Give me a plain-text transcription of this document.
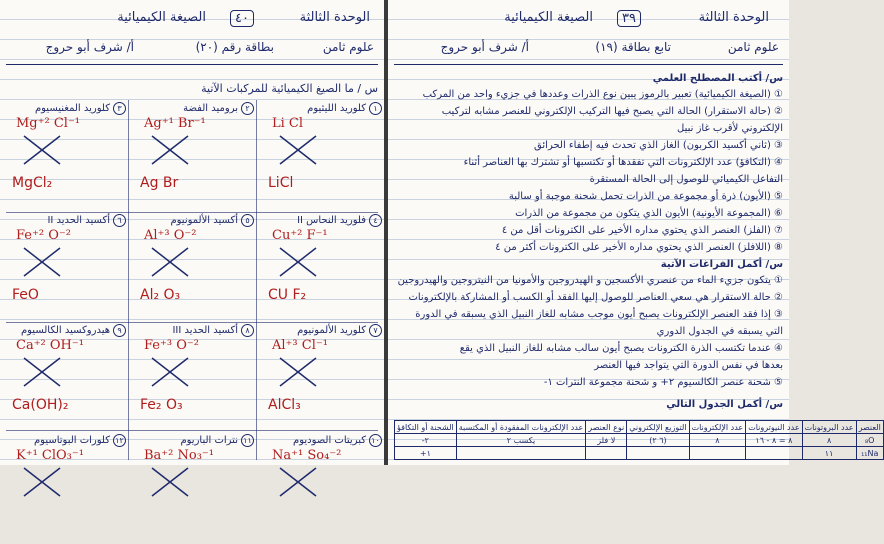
الوحدة الثالثة
٤٠
الصيغة الكيميائية
علوم ثامن
بطاقة رقم (٢٠)
أ/ شرف أبو حروج
س / ما الصيغ الكيميائية للمركبات الآتية
١كلوريد الليثيوم
Li Cl
LiCl
٢بروميد الفضة
Ag⁺¹ Br⁻¹
Ag Br
٣كلوريد المغنيسيوم
Mg⁺² Cl⁻¹
MgCl₂
٤فلوريد النحاس II
Cu⁺² F⁻¹
CU F₂
٥أكسيد الألمونيوم
Al⁺³ O⁻²
Al₂ O₃
٦أكسيد الحديد II
Fe⁺² O⁻²
FeO
٧كلوريد الألمونيوم
Al⁺³ Cl⁻¹
AlCl₃
٨أكسيد الحديد III
Fe⁺³ O⁻²
Fe₂ O₃
٩هيدروكسيد الكالسيوم
Ca⁺² OH⁻¹
Ca(OH)₂
١٠كبريتات الصوديوم
Na⁺¹ So₄⁻²
١١نترات الباريوم
Ba⁺² No₃⁻¹
١٢كلورات البوتاسيوم
K⁺¹ ClO₃⁻¹
الوحدة الثالثة
٣٩
الصيغة الكيميائية
علوم ثامن
تابع بطاقة (١٩)
أ/ شرف أبو حروج
س/ أكتب المصطلح العلمي
① (الصيغة الكيميائية) تعبير بالرموز يبين نوع الذرات وعددها في جزيء واحد من المركب
② (حالة الاستقرار) الحالة التي يصبح فيها التركيب الإلكتروني للعنصر مشابه لتركيب
الإلكتروني لأقرب غاز نبيل
③ (ثاني أكسيد الكربون) الغاز الذي تحدث فيه إطفاء الحرائق
④ (التكافؤ) عدد الإلكترونات التي تفقدها أو تكتسبها أو تشترك بها العناصر أثناء
التفاعل الكيميائي للوصول إلى الحالة المستقرة
⑤ (الأيون) ذرة أو مجموعة من الذرات تحمل شحنة موجبة أو سالبة
⑥ (المجموعة الأيونية) الأيون الذي يتكون من مجموعة من الذرات
⑦ (الفلز) العنصر الذي يحتوي مداره الأخير على الكترونات أقل من ٤
⑧ (اللافلز) العنصر الذي يحتوي مداره الأخير على الكترونات أكثر من ٤
س/ أكمل الفراغات الآتية
① يتكون جزيء الماء من عنصري الأكسجين و الهيدروجين والأمونيا من النيتروجين والهيدروجين
② حالة الاستقرار هي سعي العناصر للوصول إليها الفقد أو الكسب أو المشاركة بالإلكترونات
③ إذا فقد العنصر الإلكترونات يصبح أيون موجب مشابه للغاز النبيل الذي يسبقه في الدورة
التي يسبقه في الجدول الدوري
④ عندما تكتسب الذرة الكترونات يصبح أيون سالب مشابه للغاز النبيل الذي يقع
بعدها في نفس الدورة التي يتواجد فيها العنصر
⑤ شحنة عنصر الكالسيوم ٢+ و شحنة مجموعة النترات ١-
س/ أكمل الجدول التالي
العنصر	عدد البروتونات	عدد النيوترونات	عدد الإلكترونات	التوزيع الإلكتروني	نوع العنصر	عدد الإلكترونات المفقودة أو المكتسبة	الشحنة أو التكافؤ
₈O	٨	٨ = ٨ - ١٦	٨	(٦ ٢)	لا فلز	يكسب ٢	٢-
₁₁Na	١١						١+
